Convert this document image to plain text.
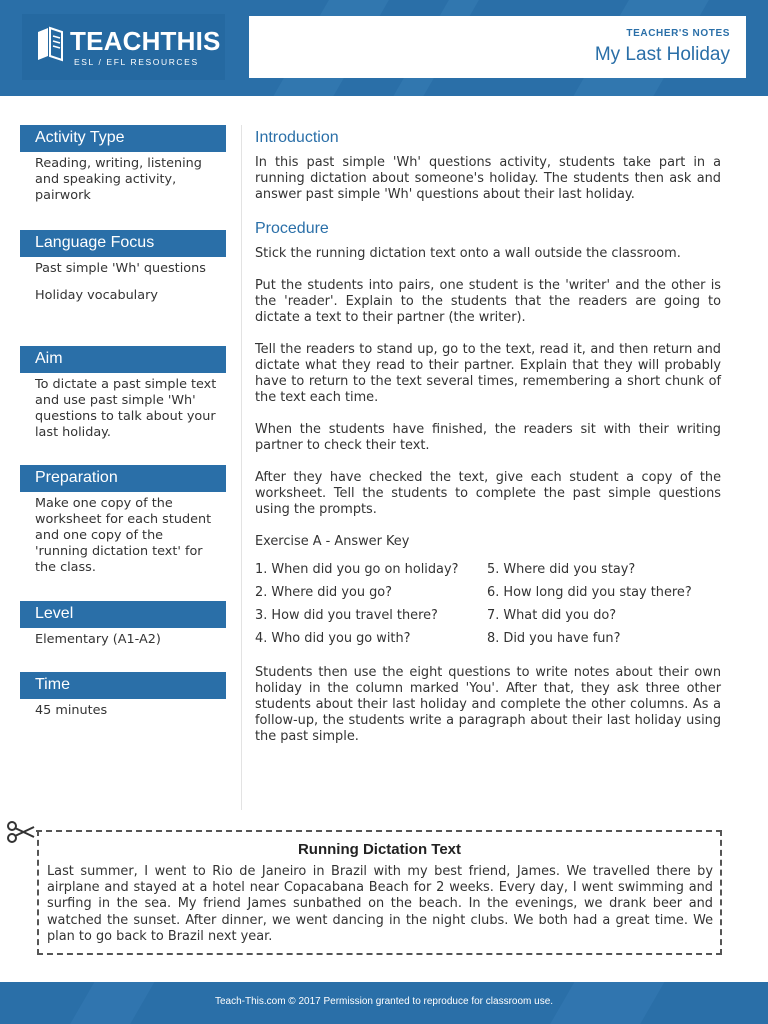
TEACHTHIS
ESL / EFL RESOURCES
TEACHER'S NOTES
My Last Holiday
Activity Type

Reading, writing, listening and speaking activity, pairwork

Language Focus

Past simple 'Wh' questions

Holiday vocabulary

Aim

To dictate a past simple text and use past simple 'Wh' questions to talk about your last holiday.

Preparation

Make one copy of the worksheet for each student and one copy of the 'running dictation text' for the class.

Level

Elementary (A1-A2)

Time

45 minutes

Introduction

In this past simple 'Wh' questions activity, students take part in a running dictation about someone's holiday. The students then ask and answer past simple 'Wh' questions about their last holiday.

Procedure

Stick the running dictation text onto a wall outside the classroom.

Put the students into pairs, one student is the 'writer' and the other is the 'reader'. Explain to the students that the readers are going to dictate a text to their partner (the writer).

Tell the readers to stand up, go to the text, read it, and then return and dictate what they read to their partner. Explain that they will probably have to return to the text several times, remembering a short chunk of the text each time.

When the students have finished, the readers sit with their writing partner to check their text.

After they have checked the text, give each student a copy of the worksheet. Tell the students to complete the past simple questions using the prompts.

Exercise A - Answer Key

1. When did you go on holiday?	5. Where did you stay?
2. Where did you go?	6. How long did you stay there?
3. How did you travel there?	7. What did you do?
4. Who did you go with?	8. Did you have fun?

Students then use the eight questions to write notes about their own holiday in the column marked 'You'. After that, they ask three other students about their last holiday and complete the other columns. As a follow-up, the students write a paragraph about their last holiday using the past simple.

Running Dictation Text
Last summer, I went to Rio de Janeiro in Brazil with my best friend, James. We travelled there by airplane and stayed at a hotel near Copacabana Beach for 2 weeks. Every day, I went swimming and surfing in the sea. My friend James sunbathed on the beach. In the evenings, we drank beer and watched the sunset. After dinner, we went dancing in the night clubs. We both had a great time. We plan to go back to Brazil next year.
Teach-This.com © 2017 Permission granted to reproduce for classroom use.
